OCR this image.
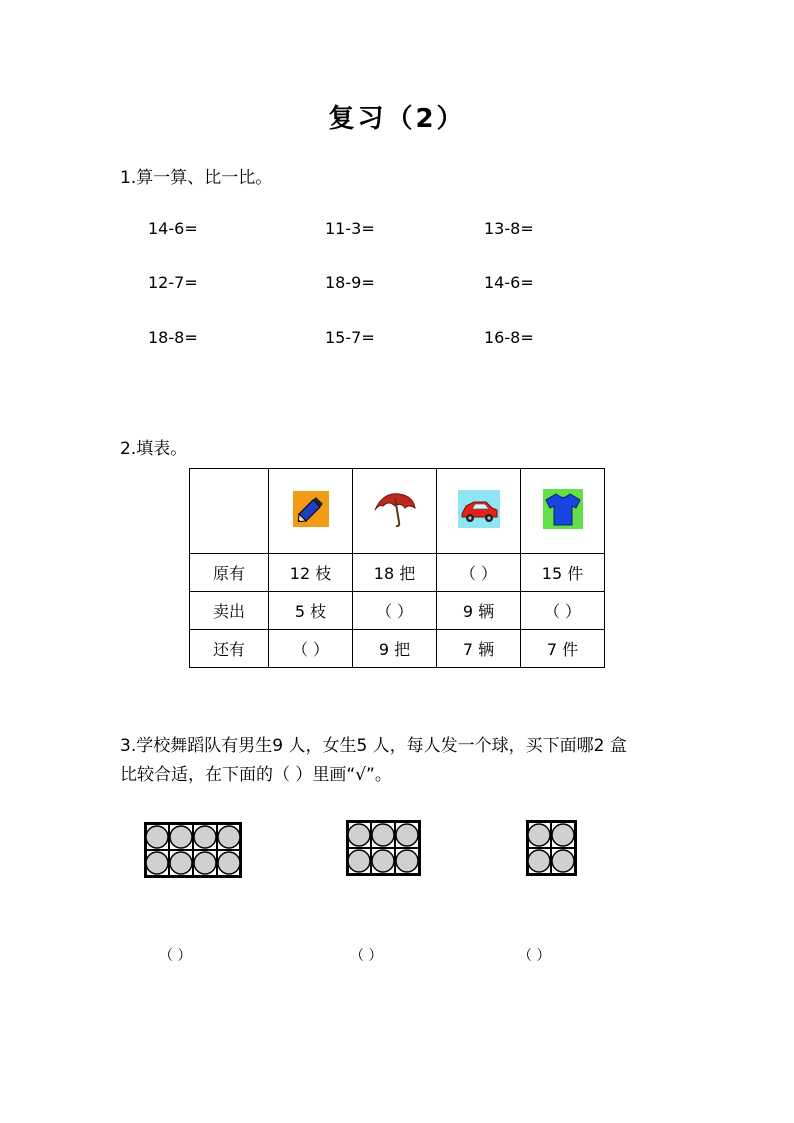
复习（2）
1.算一算、比一比。
14-6=	11-3=	13-8=
12-7=	18-9=	14-6=
18-8=	15-7=	16-8=
2.填表。

原有	12 枝	18 把	（ ）	15 件
卖出	5 枝	（ ）	9 辆	（ ）
还有	（ ）	9 把	7 辆	7 件
3.学校舞蹈队有男生9 人，女生5 人，每人发一个球，买下面哪2 盒
比较合适，在下面的（ ）里画“√”。
（ ）	（ ）	（ ）
